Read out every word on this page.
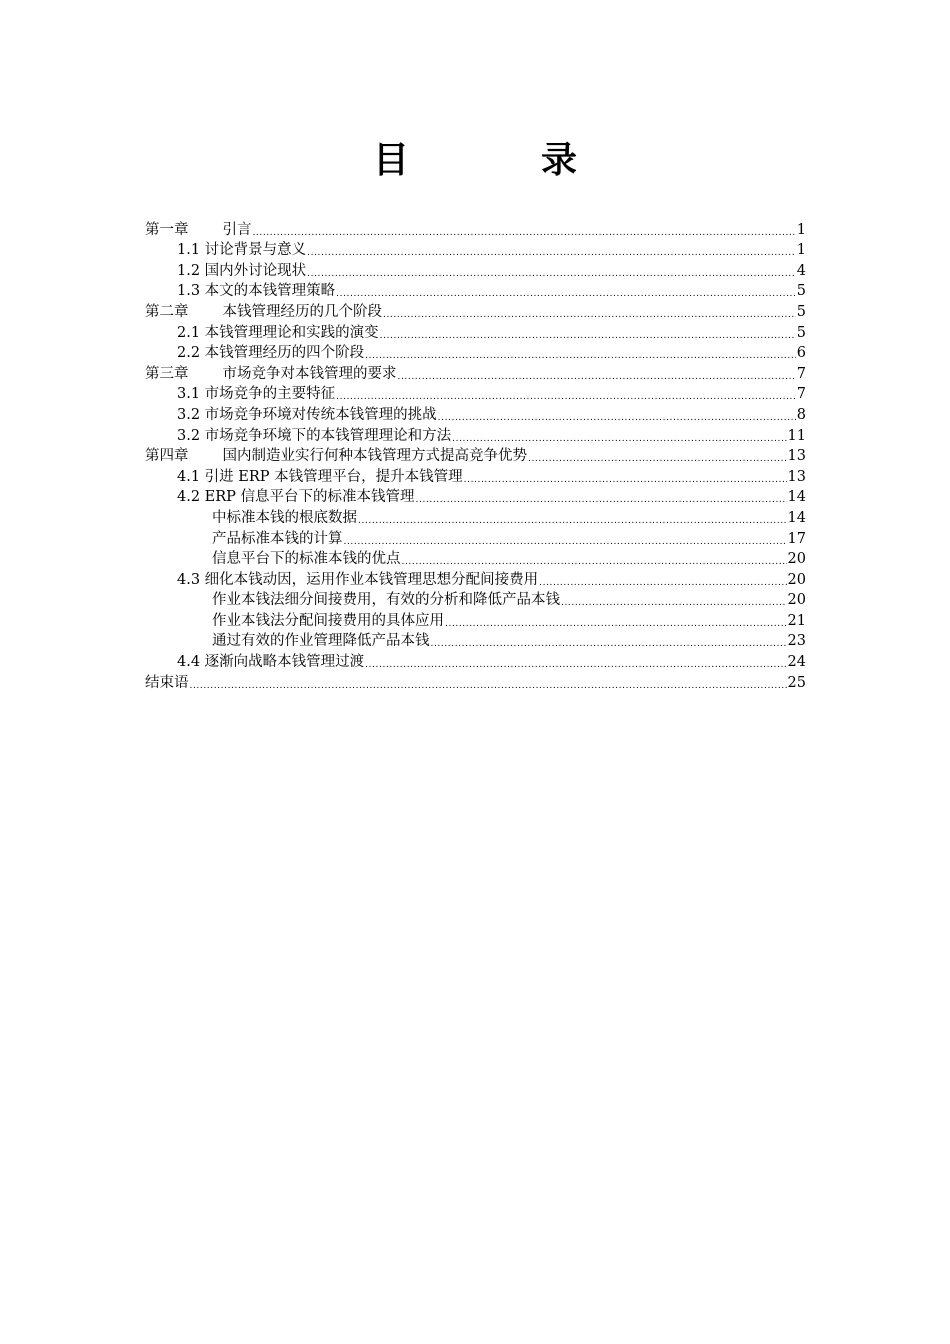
目　录
第一章 引言 .....	1
1.1 讨论背景与意义 .....	1
1.2 国内外讨论现状 .....	4
1.3 本文的本钱管理策略 .....	5
第二章 本钱管理经历的几个阶段 .....	5
2.1 本钱管理理论和实践的演变 .....	5
2.2 本钱管理经历的四个阶段 .....	6
第三章 市场竞争对本钱管理的要求 .....	7
3.1 市场竞争的主要特征 .....	7
3.2 市场竞争环境对传统本钱管理的挑战 .....	8
3.2 市场竞争环境下的本钱管理理论和方法 .....	11
第四章 国内制造业实行何种本钱管理方式提高竞争优势 .....	13
4.1 引进 ERP 本钱管理平台，提升本钱管理 .....	13
4.2 ERP 信息平台下的标准本钱管理 .....	14
中标准本钱的根底数据 .....	14
产品标准本钱的计算 .....	17
信息平台下的标准本钱的优点 .....	20
4.3 细化本钱动因，运用作业本钱管理思想分配间接费用 .....	20
作业本钱法细分间接费用，有效的分析和降低产品本钱 .....	20
作业本钱法分配间接费用的具体应用 .....	21
通过有效的作业管理降低产品本钱 .....	23
4.4 逐渐向战略本钱管理过渡 .....	24
结束语 .....	25
